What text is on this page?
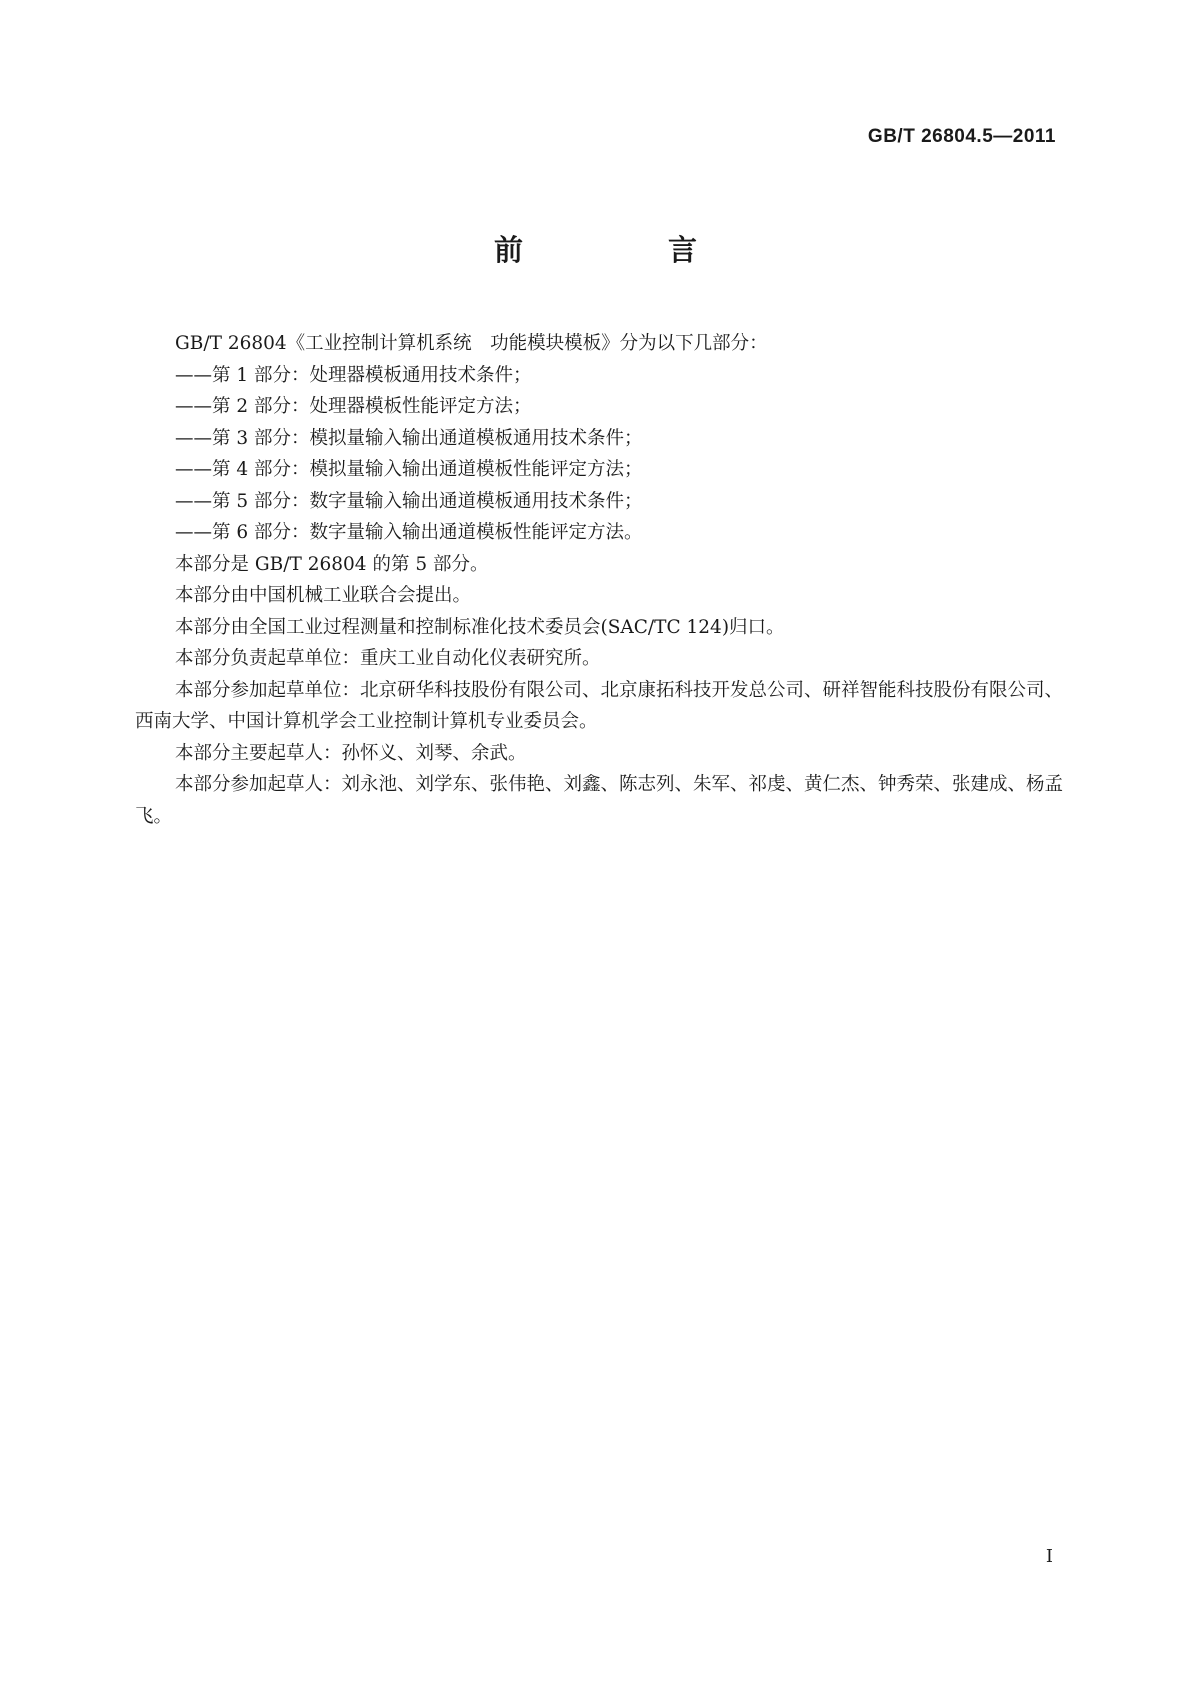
GB/T 26804.5—2011
前　言

GB/T 26804《工业控制计算机系统　功能模块模板》分为以下几部分：

——第 1 部分：处理器模板通用技术条件；

——第 2 部分：处理器模板性能评定方法；

——第 3 部分：模拟量输入输出通道模板通用技术条件；

——第 4 部分：模拟量输入输出通道模板性能评定方法；

——第 5 部分：数字量输入输出通道模板通用技术条件；

——第 6 部分：数字量输入输出通道模板性能评定方法。

本部分是 GB/T 26804 的第 5 部分。

本部分由中国机械工业联合会提出。

本部分由全国工业过程测量和控制标准化技术委员会(SAC/TC 124)归口。

本部分负责起草单位：重庆工业自动化仪表研究所。

本部分参加起草单位：北京研华科技股份有限公司、北京康拓科技开发总公司、研祥智能科技股份有限公司、西南大学、中国计算机学会工业控制计算机专业委员会。

本部分主要起草人：孙怀义、刘琴、余武。

本部分参加起草人：刘永池、刘学东、张伟艳、刘鑫、陈志列、朱军、祁虔、黄仁杰、钟秀荣、张建成、杨孟飞。

I
